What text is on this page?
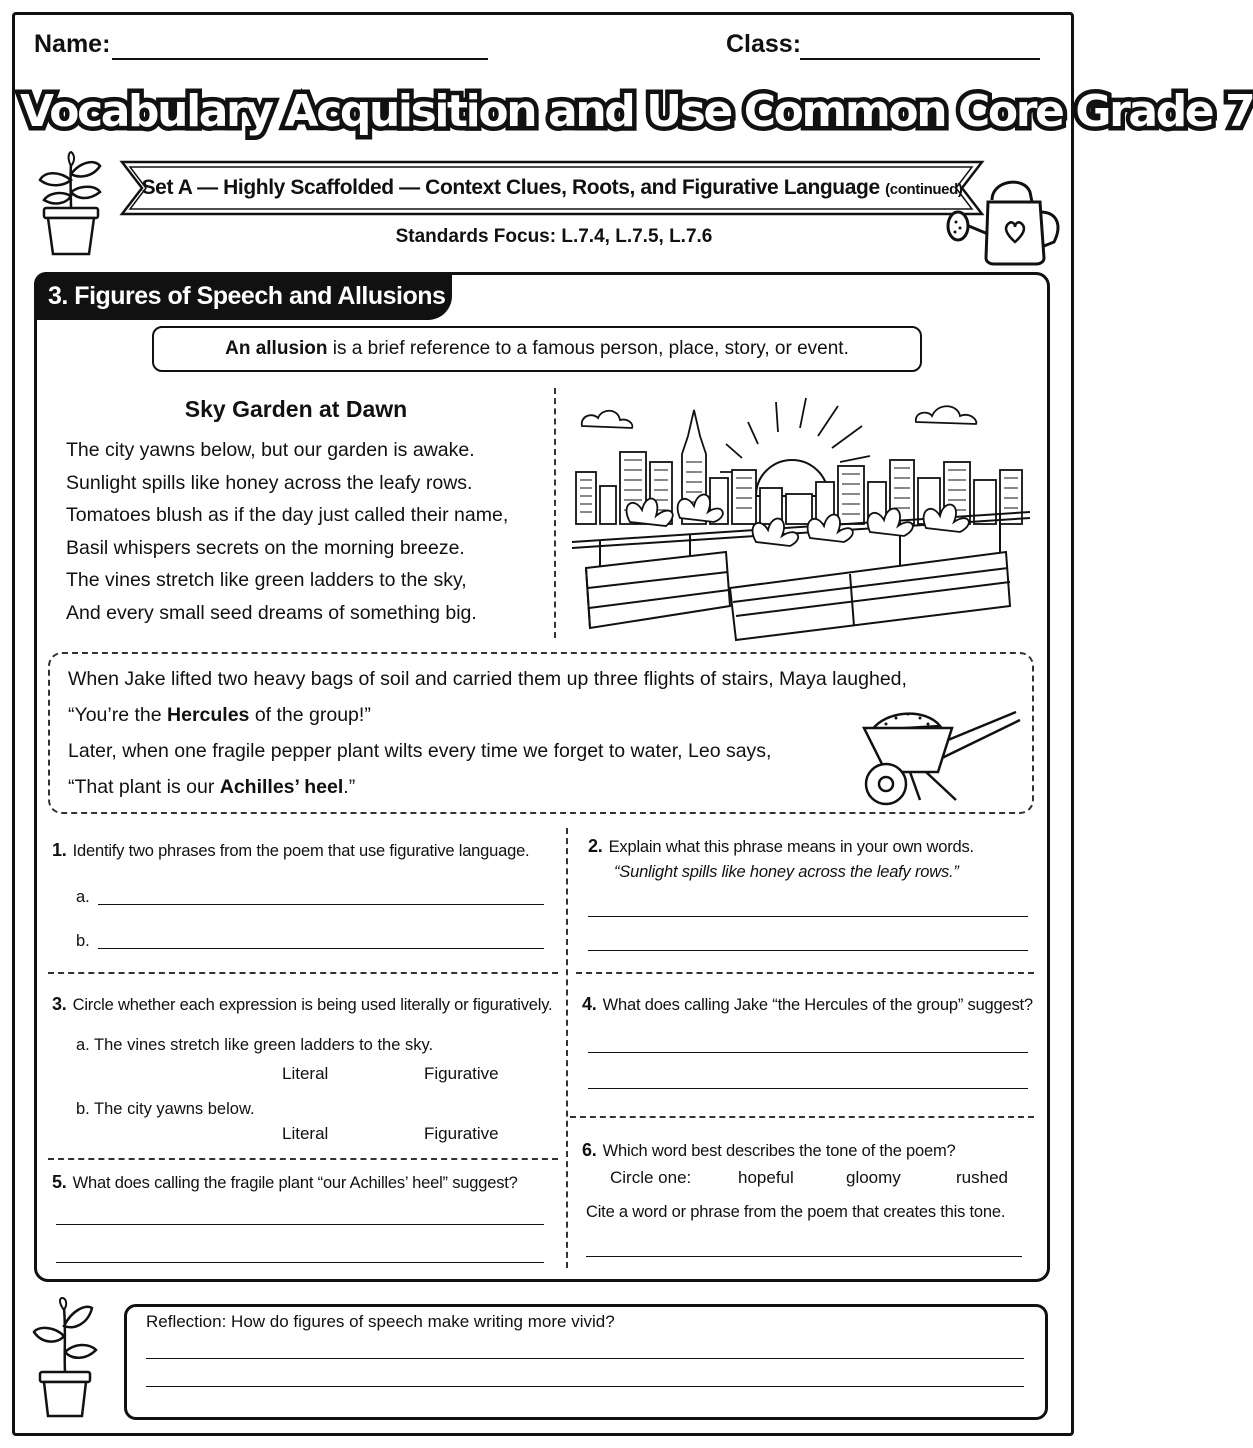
Name:	Class:
Vocabulary Acquisition and Use Common Core Grade 7
Set A — Highly Scaffolded — Context Clues, Roots, and Figurative Language (continued)
Standards Focus: L.7.4, L.7.5, L.7.6
3. Figures of Speech and Allusions
An allusion is a brief reference to a famous person, place, story, or event.
Sky Garden at Dawn
The city yawns below, but our garden is awake.
Sunlight spills like honey across the leafy rows.
Tomatoes blush as if the day just called their name,
Basil whispers secrets on the morning breeze.
The vines stretch like green ladders to the sky,
And every small seed dreams of something big.
When Jake lifted two heavy bags of soil and carried them up three flights of stairs, Maya laughed,
“You’re the Hercules of the group!”
Later, when one fragile pepper plant wilts every time we forget to water, Leo says,
“That plant is our Achilles’ heel.”
1. Identify two phrases from the poem that use figurative language.
a.
b.
2. Explain what this phrase means in your own words.
“Sunlight spills like honey across the leafy rows.”
3. Circle whether each expression is being used literally or figuratively.
a. The vines stretch like green ladders to the sky.
Literal	Figurative
b. The city yawns below.
Literal	Figurative
4. What does calling Jake “the Hercules of the group” suggest?
5. What does calling the fragile plant “our Achilles’ heel” suggest?
6. Which word best describes the tone of the poem?
Circle one:	hopeful	gloomy	rushed
Cite a word or phrase from the poem that creates this tone.
Reflection: How do figures of speech make writing more vivid?
